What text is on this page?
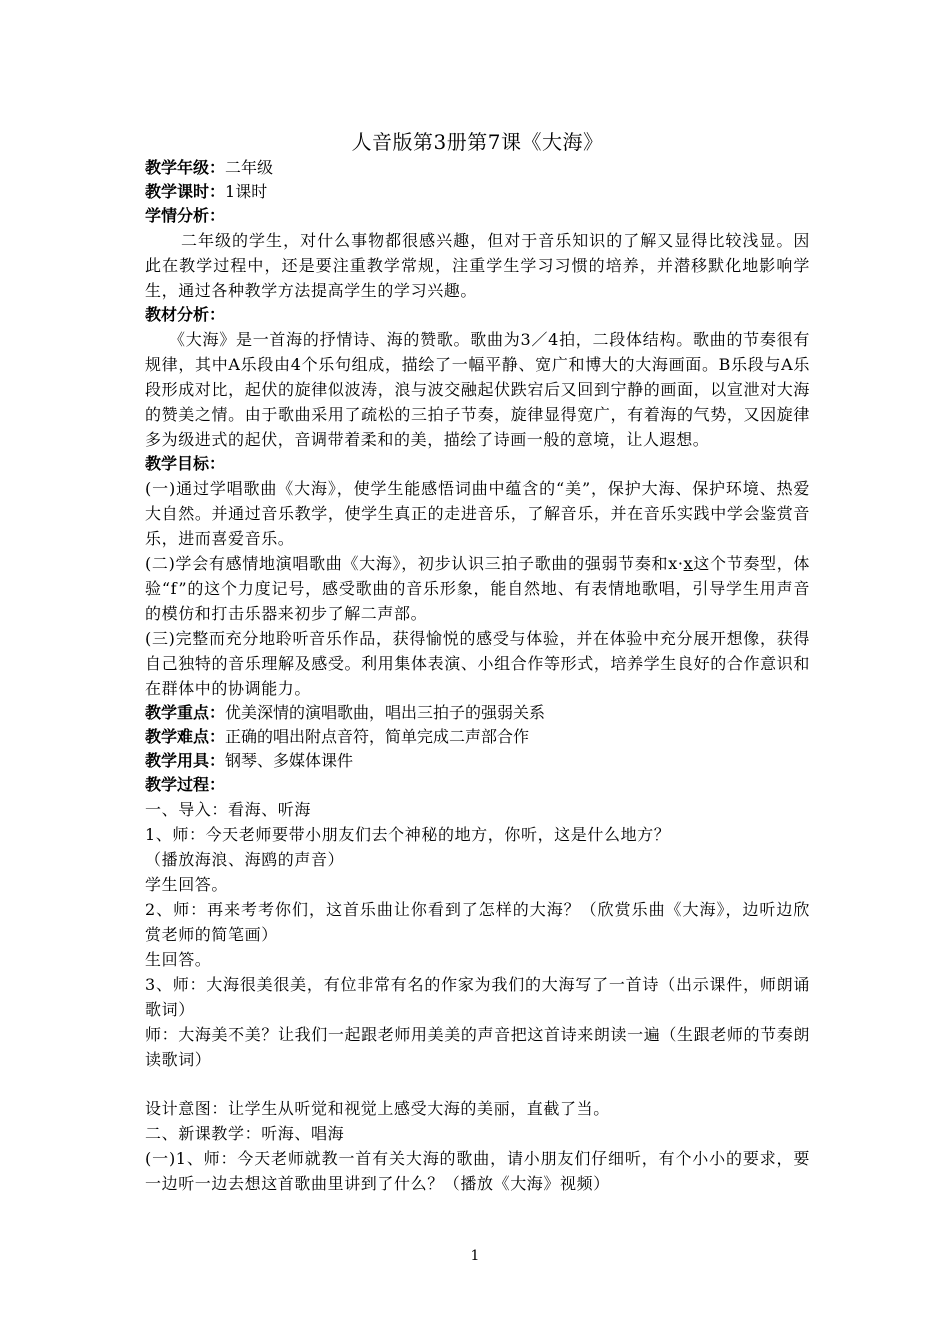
人音版第3册第7课《大海》
教学年级：二年级
教学课时：1课时
学情分析：

二年级的学生，对什么事物都很感兴趣，但对于音乐知识的了解又显得比较浅显。因此在教学过程中，还是要注重教学常规，注重学生学习习惯的培养，并潜移默化地影响学生，通过各种教学方法提高学生的学习兴趣。

教材分析：

《大海》是一首海的抒情诗、海的赞歌。歌曲为3／4拍，二段体结构。歌曲的节奏很有规律，其中A乐段由4个乐句组成，描绘了一幅平静、宽广和博大的大海画面。B乐段与A乐段形成对比，起伏的旋律似波涛，浪与波交融起伏跌宕后又回到宁静的画面，以宣泄对大海的赞美之情。由于歌曲采用了疏松的三拍子节奏，旋律显得宽广，有着海的气势，又因旋律多为级进式的起伏，音调带着柔和的美，描绘了诗画一般的意境，让人遐想。

教学目标：

(一)通过学唱歌曲《大海》，使学生能感悟词曲中蕴含的“美”，保护大海、保护环境、热爱大自然。并通过音乐教学，使学生真正的走进音乐，了解音乐，并在音乐实践中学会鉴赏音乐，进而喜爱音乐。

(二)学会有感情地演唱歌曲《大海》，初步认识三拍子歌曲的强弱节奏和x·x这个节奏型，体验“f”的这个力度记号，感受歌曲的音乐形象，能自然地、有表情地歌唱，引导学生用声音的模仿和打击乐器来初步了解二声部。

(三)完整而充分地聆听音乐作品，获得愉悦的感受与体验，并在体验中充分展开想像，获得自己独特的音乐理解及感受。利用集体表演、小组合作等形式，培养学生良好的合作意识和在群体中的协调能力。

教学重点：优美深情的演唱歌曲，唱出三拍子的强弱关系
教学难点：正确的唱出附点音符，简单完成二声部合作
教学用具：钢琴、多媒体课件
教学过程：

一、导入：看海、听海

1、师：今天老师要带小朋友们去个神秘的地方，你听，这是什么地方？

（播放海浪、海鸥的声音）

学生回答。

2、师：再来考考你们，这首乐曲让你看到了怎样的大海？（欣赏乐曲《大海》，边听边欣赏老师的简笔画）

生回答。

3、师：大海很美很美，有位非常有名的作家为我们的大海写了一首诗（出示课件，师朗诵歌词）

师：大海美不美？让我们一起跟老师用美美的声音把这首诗来朗读一遍（生跟老师的节奏朗读歌词）

设计意图：让学生从听觉和视觉上感受大海的美丽，直截了当。

二、新课教学：听海、唱海

(一)1、师：今天老师就教一首有关大海的歌曲，请小朋友们仔细听，有个小小的要求，要一边听一边去想这首歌曲里讲到了什么？（播放《大海》视频）

1
